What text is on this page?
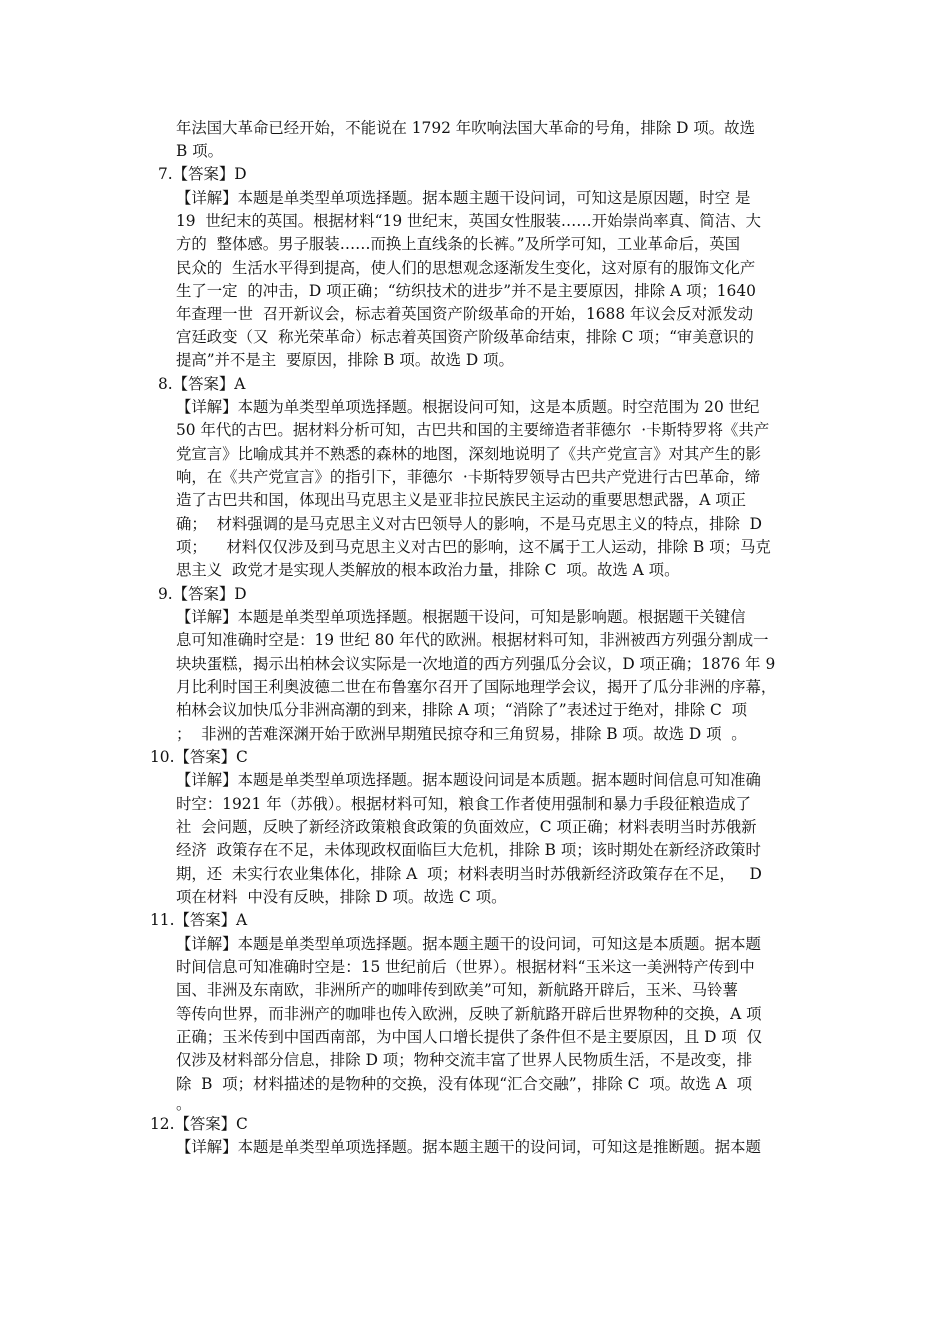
年法国大革命已经开始，不能说在 1792 年吹响法国大革命的号角，排除 D 项。故选
B 项。
7.【答案】D
【详解】本题是单类型单项选择题。据本题主题干设问词，可知这是原因题，时空 是
19  世纪末的英国。根据材料“19 世纪末，英国女性服装……开始崇尚率真、简洁、大
方的  整体感。男子服装……而换上直线条的长裤。”及所学可知，工业革命后，英国
民众的  生活水平得到提高，使人们的思想观念逐渐发生变化，这对原有的服饰文化产
生了一定  的冲击，D 项正确；“纺织技术的进步”并不是主要原因，排除 A 项；1640
年查理一世  召开新议会，标志着英国资产阶级革命的开始，1688 年议会反对派发动
宫廷政变（又  称光荣革命）标志着英国资产阶级革命结束，排除 C 项；“审美意识的
提高”并不是主  要原因，排除 B 项。故选 D 项。
8.【答案】A
【详解】本题为单类型单项选择题。根据设问可知，这是本质题。时空范围为 20 世纪
50 年代的古巴。据材料分析可知，古巴共和国的主要缔造者菲德尔  ·卡斯特罗将《共产
党宣言》比喻成其并不熟悉的森林的地图，深刻地说明了《共产党宣言》对其产生的影
响，在《共产党宣言》的指引下，菲德尔  ·卡斯特罗领导古巴共产党进行古巴革命，缔
造了古巴共和国，体现出马克思主义是亚非拉民族民主运动的重要思想武器，A 项正
确；  材料强调的是马克思主义对古巴领导人的影响，不是马克思主义的特点，排除  D
项；    材料仅仅涉及到马克思主义对古巴的影响，这不属于工人运动，排除 B 项；马克
思主义  政党才是实现人类解放的根本政治力量，排除 C  项。故选 A 项。
9.【答案】D
【详解】本题是单类型单项选择题。根据题干设问，可知是影响题。根据题干关键信
息可知准确时空是：19 世纪 80 年代的欧洲。根据材料可知，非洲被西方列强分割成一
块块蛋糕，揭示出柏林会议实际是一次地道的西方列强瓜分会议，D 项正确；1876 年 9
月比利时国王利奥波德二世在布鲁塞尔召开了国际地理学会议，揭开了瓜分非洲的序幕，
柏林会议加快瓜分非洲高潮的到来，排除 A 项；“消除了”表述过于绝对，排除 C  项
；  非洲的苦难深渊开始于欧洲早期殖民掠夺和三角贸易，排除 B 项。故选 D 项  。
10.【答案】C
【详解】本题是单类型单项选择题。据本题设问词是本质题。据本题时间信息可知准确
时空：1921 年（苏俄）。根据材料可知，粮食工作者使用强制和暴力手段征粮造成了
社  会问题，反映了新经济政策粮食政策的负面效应，C 项正确；材料表明当时苏俄新
经济  政策存在不足，未体现政权面临巨大危机，排除 B 项；该时期处在新经济政策时
期，还  未实行农业集体化，排除 A  项；材料表明当时苏俄新经济政策存在不足，   D
项在材料  中没有反映，排除 D 项。故选 C 项。
11.【答案】A
【详解】本题是单类型单项选择题。据本题主题干的设问词，可知这是本质题。据本题
时间信息可知准确时空是：15 世纪前后（世界）。根据材料“玉米这一美洲特产传到中
国、非洲及东南欧，非洲所产的咖啡传到欧美”可知，新航路开辟后，玉米、马铃薯
等传向世界，而非洲产的咖啡也传入欧洲，反映了新航路开辟后世界物种的交换，A 项
正确；玉米传到中国西南部，为中国人口增长提供了条件但不是主要原因，且 D 项  仅
仅涉及材料部分信息，排除 D 项；物种交流丰富了世界人民物质生活，不是改变，排
除  B  项；材料描述的是物种的交换，没有体现“汇合交融”，排除 C  项。故选 A  项
。
12.【答案】C
【详解】本题是单类型单项选择题。据本题主题干的设问词，可知这是推断题。据本题
